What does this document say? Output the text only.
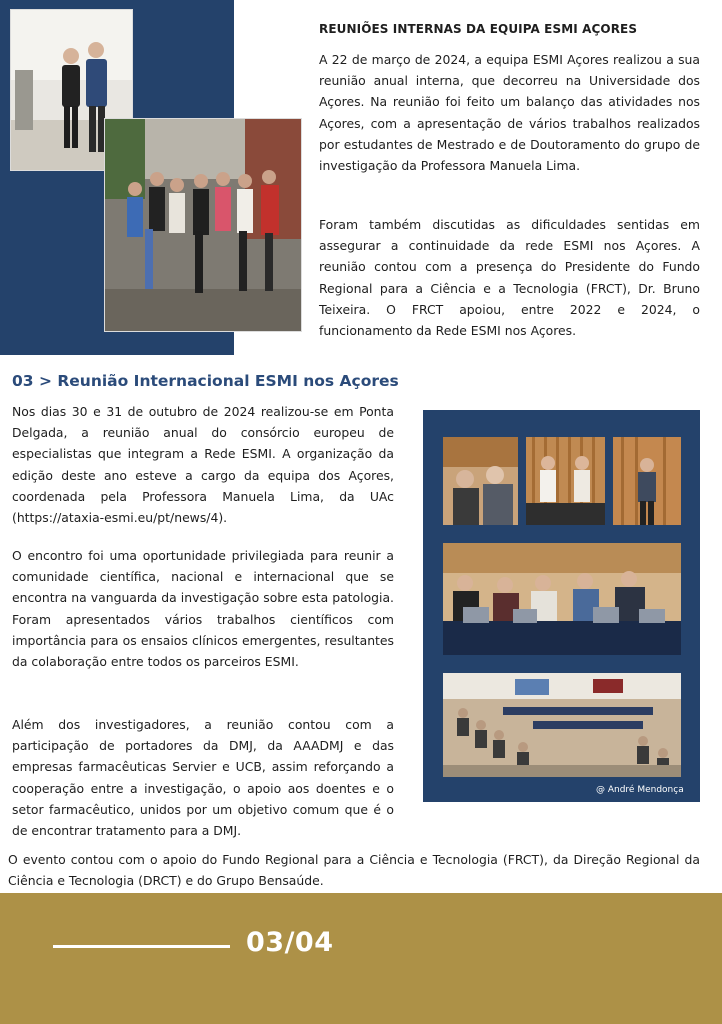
REUNIÕES INTERNAS DA EQUIPA ESMI AÇORES

A 22 de março de 2024, a equipa ESMI Açores realizou a sua reunião anual interna, que decorreu na Universidade dos Açores. Na reunião foi feito um balanço das atividades nos Açores, com a apresentação de vários trabalhos realizados por estudantes de Mestrado e de Doutoramento do grupo de investigação da Professora Manuela Lima.

Foram também discutidas as dificuldades sentidas em assegurar a continuidade da rede ESMI nos Açores. A reunião contou com a presença do Presidente do Fundo Regional para a Ciência e a Tecnologia (FRCT), Dr. Bruno Teixeira. O FRCT apoiou, entre 2022 e 2024, o funcionamento da Rede ESMI nos Açores.

03 > Reunião Internacional ESMI nos Açores

Nos dias 30 e 31 de outubro de 2024 realizou-se em Ponta Delgada, a reunião anual do consórcio europeu de especialistas que integram a Rede ESMI. A organização da edição deste ano esteve a cargo da equipa dos Açores, coordenada pela Professora Manuela Lima, da UAc (https://ataxia-esmi.eu/pt/news/4).

O encontro foi uma oportunidade privilegiada para reunir a comunidade científica, nacional e internacional que se encontra na vanguarda da investigação sobre esta patologia. Foram apresentados vários trabalhos científicos com importância para os ensaios clínicos emergentes, resultantes da colaboração entre todos os parceiros ESMI.

Além dos investigadores, a reunião contou com a participação de portadores da DMJ, da AAADMJ e das empresas farmacêuticas Servier e UCB, assim reforçando a cooperação entre a investigação, o apoio aos doentes e o setor farmacêutico, unidos por um objetivo comum que é o de encontrar tratamento para a DMJ.

O evento contou com o apoio do Fundo Regional para a Ciência e Tecnologia (FRCT), da Direção Regional da Ciência e Tecnologia (DRCT) e do Grupo Bensaúde.

@ André Mendonça
03/04
